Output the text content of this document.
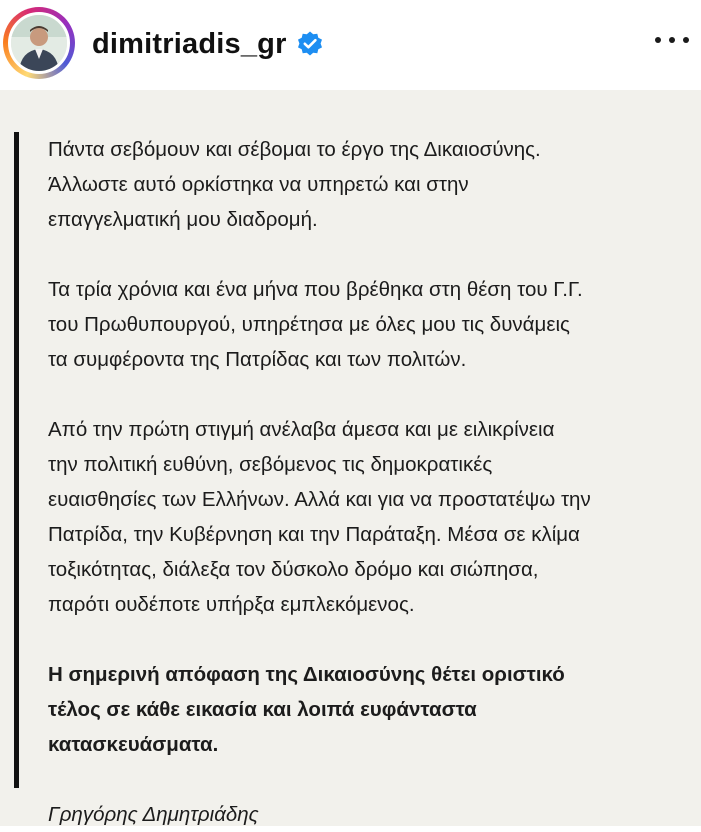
dimitriadis_gr

Πάντα σεβόμουν και σέβομαι το έργο της Δικαιοσύνης.
Άλλωστε αυτό ορκίστηκα να υπηρετώ και στην
επαγγελματική μου διαδρομή.

Τα τρία χρόνια και ένα μήνα που βρέθηκα στη θέση του Γ.Γ.
του Πρωθυπουργού, υπηρέτησα με όλες μου τις δυνάμεις
τα συμφέροντα της Πατρίδας και των πολιτών.

Από την πρώτη στιγμή ανέλαβα άμεσα και με ειλικρίνεια
την πολιτική ευθύνη, σεβόμενος τις δημοκρατικές
ευαισθησίες των Ελλήνων. Αλλά και για να προστατέψω την
Πατρίδα, την Κυβέρνηση και την Παράταξη. Μέσα σε κλίμα
τοξικότητας, διάλεξα τον δύσκολο δρόμο και σιώπησα,
παρότι ουδέποτε υπήρξα εμπλεκόμενος.

Η σημερινή απόφαση της Δικαιοσύνης θέτει οριστικό
τέλος σε κάθε εικασία και λοιπά ευφάνταστα
κατασκευάσματα.

Γρηγόρης Δημητριάδης
